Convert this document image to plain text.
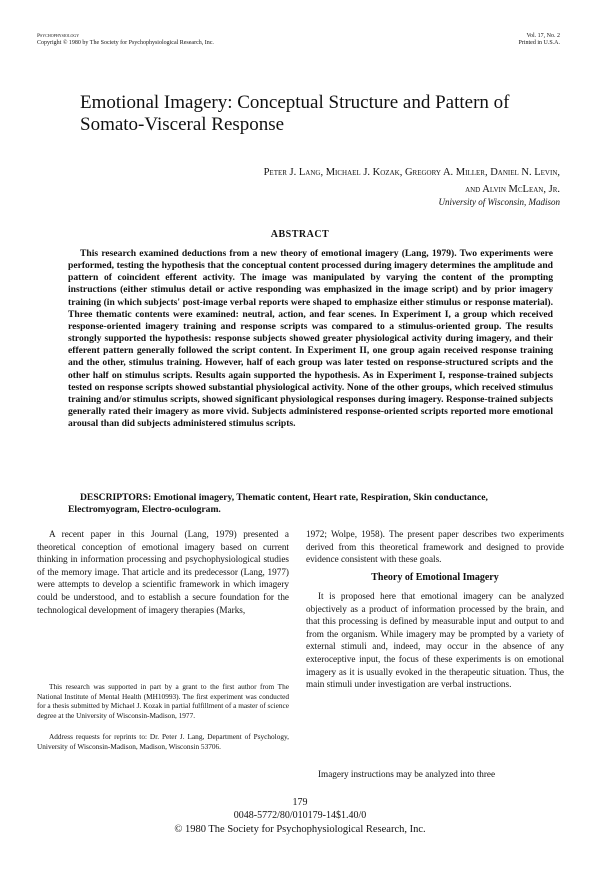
Psychophysiology
Copyright © 1980 by The Society for Psychophysiological Research, Inc.
Vol. 17, No. 2
Printed in U.S.A.
Emotional Imagery: Conceptual Structure and Pattern of Somato-Visceral Response
Peter J. Lang, Michael J. Kozak, Gregory A. Miller, Daniel N. Levin,
and Alvin McLean, Jr.
University of Wisconsin, Madison
ABSTRACT
This research examined deductions from a new theory of emotional imagery (Lang, 1979). Two experiments were performed, testing the hypothesis that the conceptual content processed during imagery determines the amplitude and pattern of coincident efferent activity. The image was manipulated by varying the content of the prompting instructions (either stimulus detail or active responding was emphasized in the image script) and by prior imagery training (in which subjects' post-image verbal reports were shaped to emphasize either stimulus or response material). Three thematic contents were examined: neutral, action, and fear scenes. In Experiment I, a group which received response-oriented imagery training and response scripts was compared to a stimulus-oriented group. The results strongly supported the hypothesis: response subjects showed greater physiological activity during imagery, and their efferent pattern generally followed the script content. In Experiment II, one group again received response training and the other, stimulus training. However, half of each group was later tested on response-structured scripts and the other half on stimulus scripts. Results again supported the hypothesis. As in Experiment I, response-trained subjects tested on response scripts showed substantial physiological activity. None of the other groups, which received stimulus training and/or stimulus scripts, showed significant physiological responses during imagery. Response-trained subjects generally rated their imagery as more vivid. Subjects administered response-oriented scripts reported more emotional arousal than did subjects administered stimulus scripts.
DESCRIPTORS: Emotional imagery, Thematic content, Heart rate, Respiration, Skin conductance, Electromyogram, Electro-oculogram.
A recent paper in this Journal (Lang, 1979) presented a theoretical conception of emotional imagery based on current thinking in information processing and psychophysiological studies of the memory image. That article and its predecessor (Lang, 1977) were attempts to develop a scientific framework in which imagery could be understood, and to establish a secure foundation for the technological development of imagery therapies (Marks,
1972; Wolpe, 1958). The present paper describes two experiments derived from this theoretical framework and designed to provide evidence consistent with these goals.
Theory of Emotional Imagery
It is proposed here that emotional imagery can be analyzed objectively as a product of information processed by the brain, and that this processing is defined by measurable input and output to and from the organism. While imagery may be prompted by a variety of external stimuli and, indeed, may occur in the absence of any exteroceptive input, the focus of these experiments is on emotional imagery as it is usually evoked in the therapeutic situation. Thus, the main stimuli under investigation are verbal instructions.
Imagery instructions may be analyzed into three
This research was supported in part by a grant to the first author from The National Institute of Mental Health (MH10993). The first experiment was conducted for a thesis submitted by Michael J. Kozak in partial fulfillment of a master of science degree at the University of Wisconsin-Madison, 1977.
Address requests for reprints to: Dr. Peter J. Lang, Department of Psychology, University of Wisconsin-Madison, Madison, Wisconsin 53706.
179
0048-5772/80/010179-14$1.40/0
© 1980 The Society for Psychophysiological Research, Inc.
